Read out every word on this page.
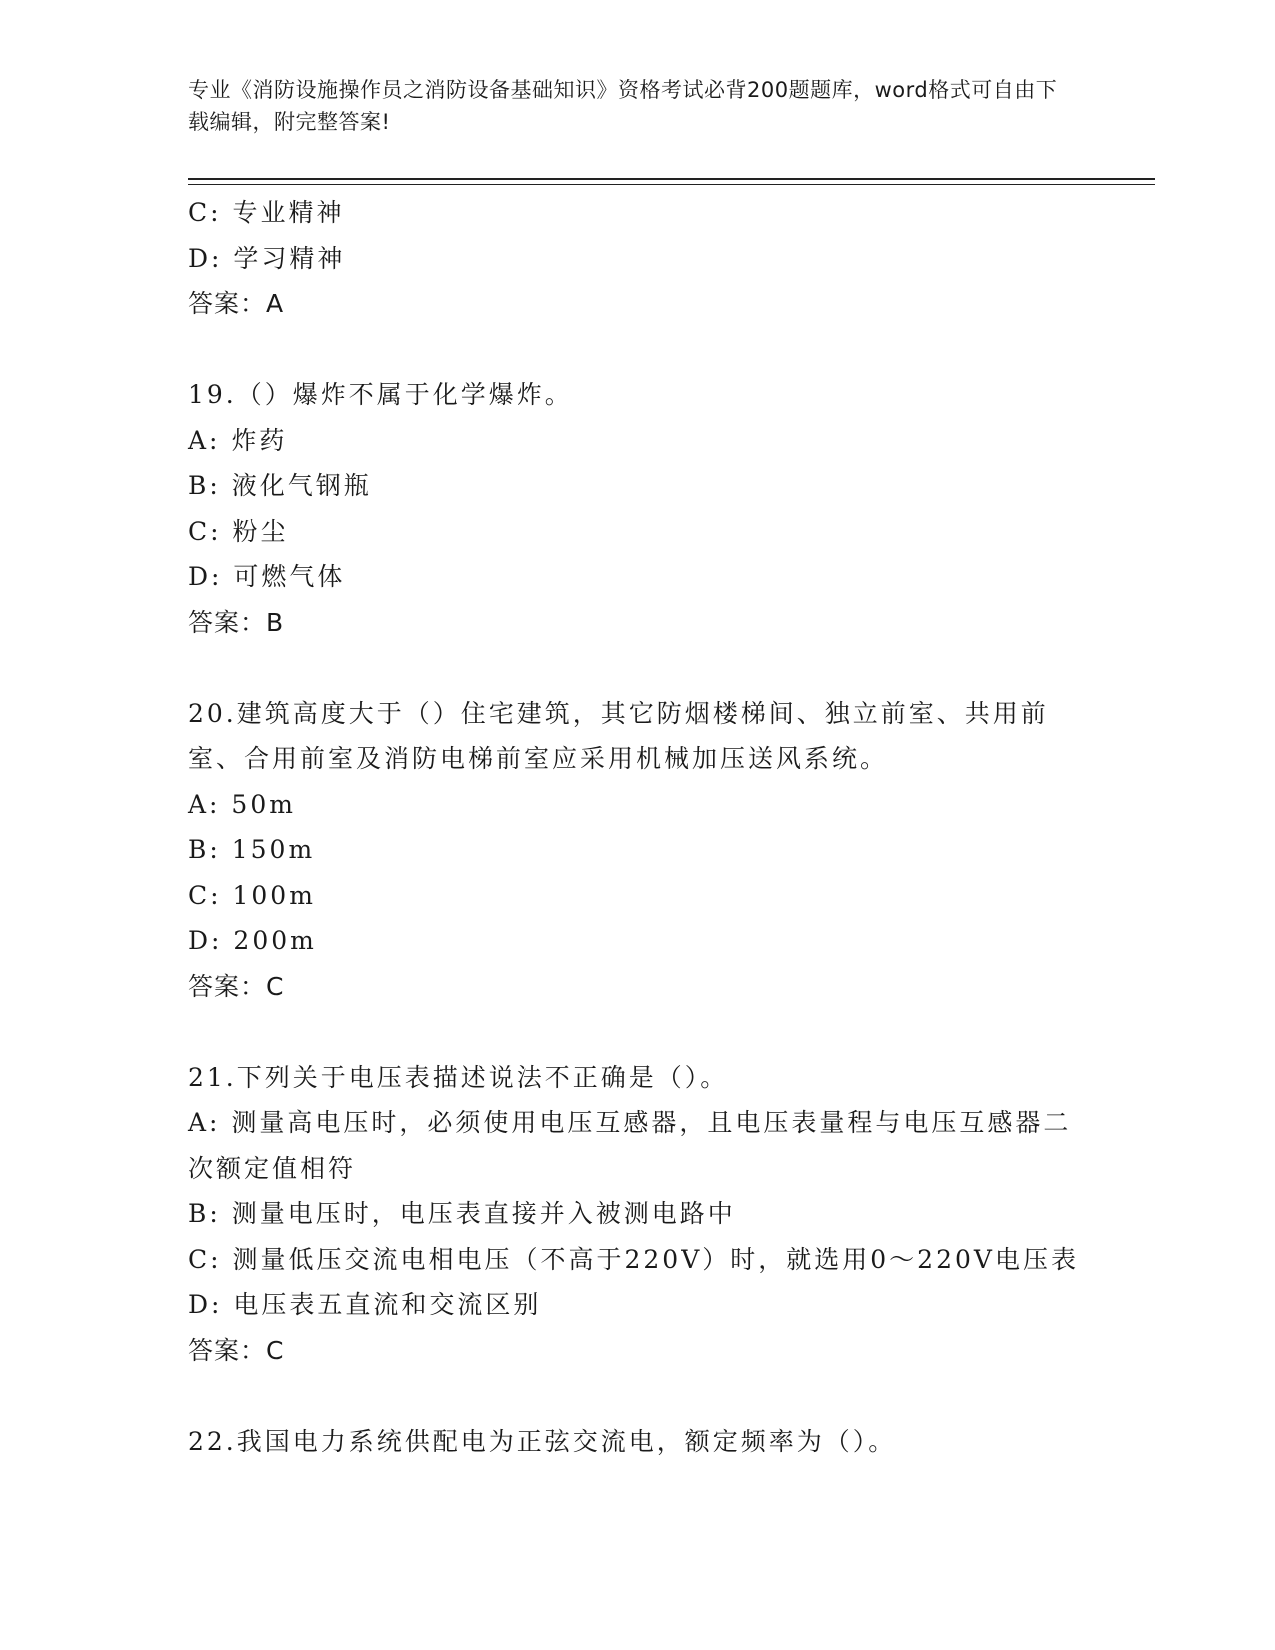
专业《消防设施操作员之消防设备基础知识》资格考试必背200题题库，word格式可自由下载编辑，附完整答案!
C: 专业精神
D: 学习精神
答案：A
19.（）爆炸不属于化学爆炸。
A: 炸药
B: 液化气钢瓶
C: 粉尘
D: 可燃气体
答案：B
20.建筑高度大于（）住宅建筑，其它防烟楼梯间、独立前室、共用前室、合用前室及消防电梯前室应采用机械加压送风系统。
A: 50m
B: 150m
C: 100m
D: 200m
答案：C
21.下列关于电压表描述说法不正确是（）。
A: 测量高电压时，必须使用电压互感器，且电压表量程与电压互感器二次额定值相符
B: 测量电压时，电压表直接并入被测电路中
C: 测量低压交流电相电压（不高于220V）时，就选用0～220V电压表
D: 电压表五直流和交流区别
答案：C
22.我国电力系统供配电为正弦交流电，额定频率为（）。
